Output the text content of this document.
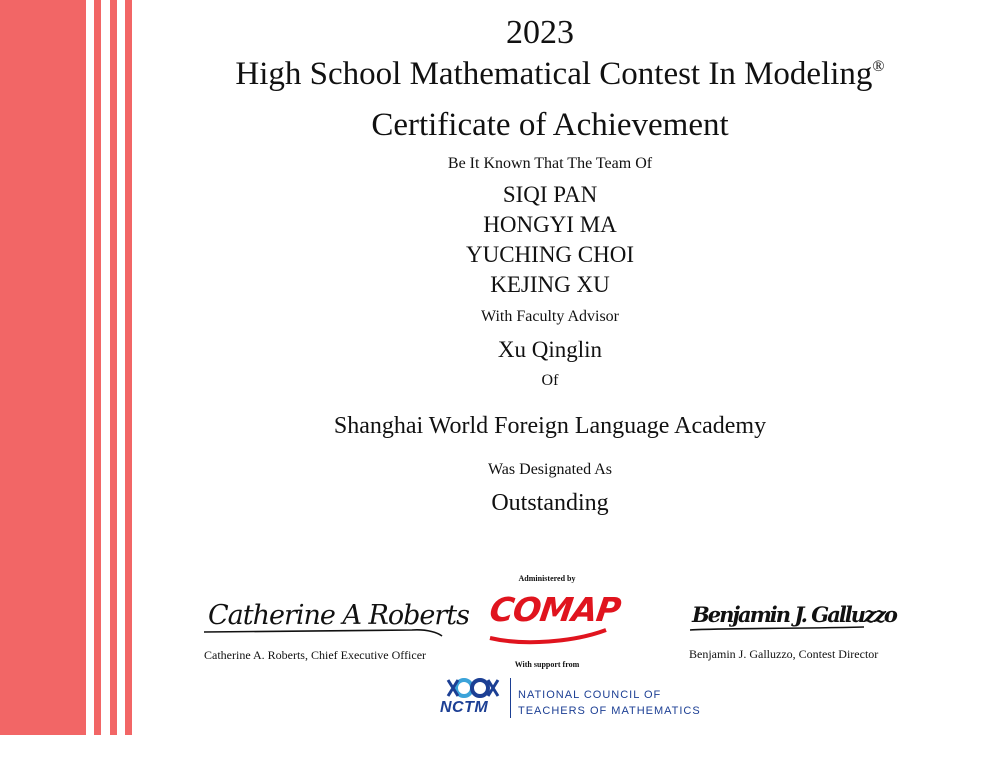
2023
High School Mathematical Contest In Modeling®
Certificate of Achievement
Be It Known That The Team Of
SIQI PAN
HONGYI MA
YUCHING CHOI
KEJING XU
With Faculty Advisor
Xu Qinglin
Of
Shanghai World Foreign Language Academy
Was Designated As
Outstanding
Catherine A Roberts
Catherine A. Roberts, Chief Executive Officer
Benjamin J. Galluzzo
Benjamin J. Galluzzo, Contest Director
Administered by
COMAP
With support from
NCTM
NATIONAL COUNCIL OF
TEACHERS OF MATHEMATICS
